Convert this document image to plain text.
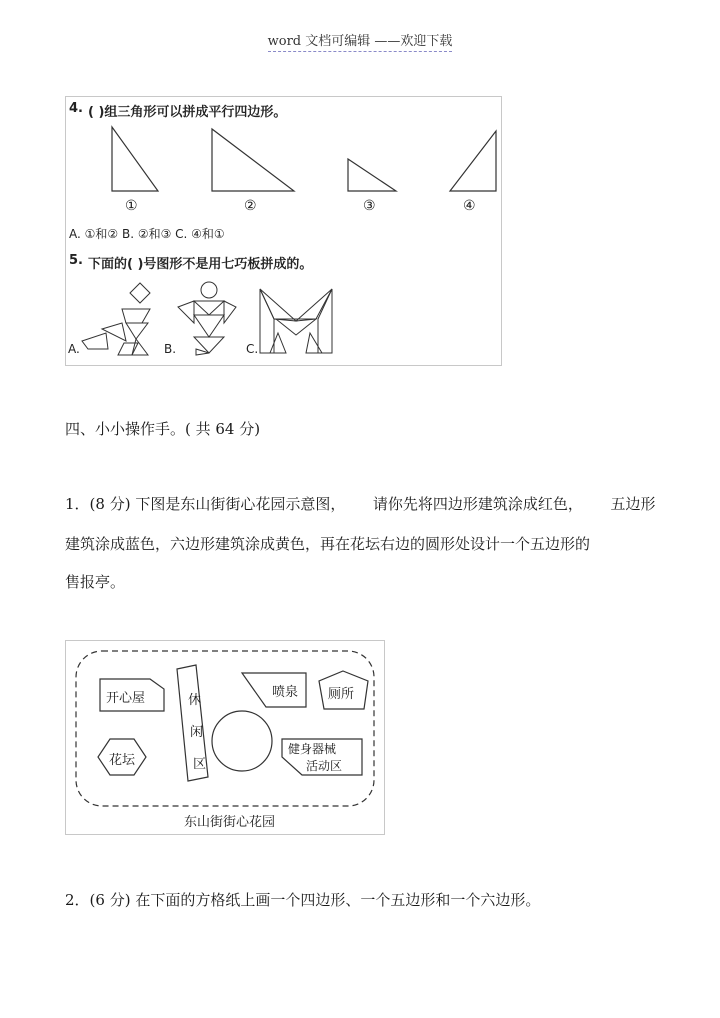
word 文档可编辑 ——欢迎下载
4. ( )组三角形可以拼成平行四边形。
①	②	③	④
A. ①和② B. ②和③ C. ④和①
5. 下面的( )号图形不是用七巧板拼成的。
A.	B.	C.
四、小小操作手。( 共 64 分)
1．(8 分) 下图是东山街街心花园示意图， 请你先将四边形建筑涂成红色， 五边形
建筑涂成蓝色，六边形建筑涂成黄色，再在花坛右边的圆形处设计一个五边形的
售报亭。
开心屋	休
闲
区
喷泉 厕所
花坛
健身器械
活动区
东山街街心花园
2．(6 分) 在下面的方格纸上画一个四边形、一个五边形和一个六边形。
